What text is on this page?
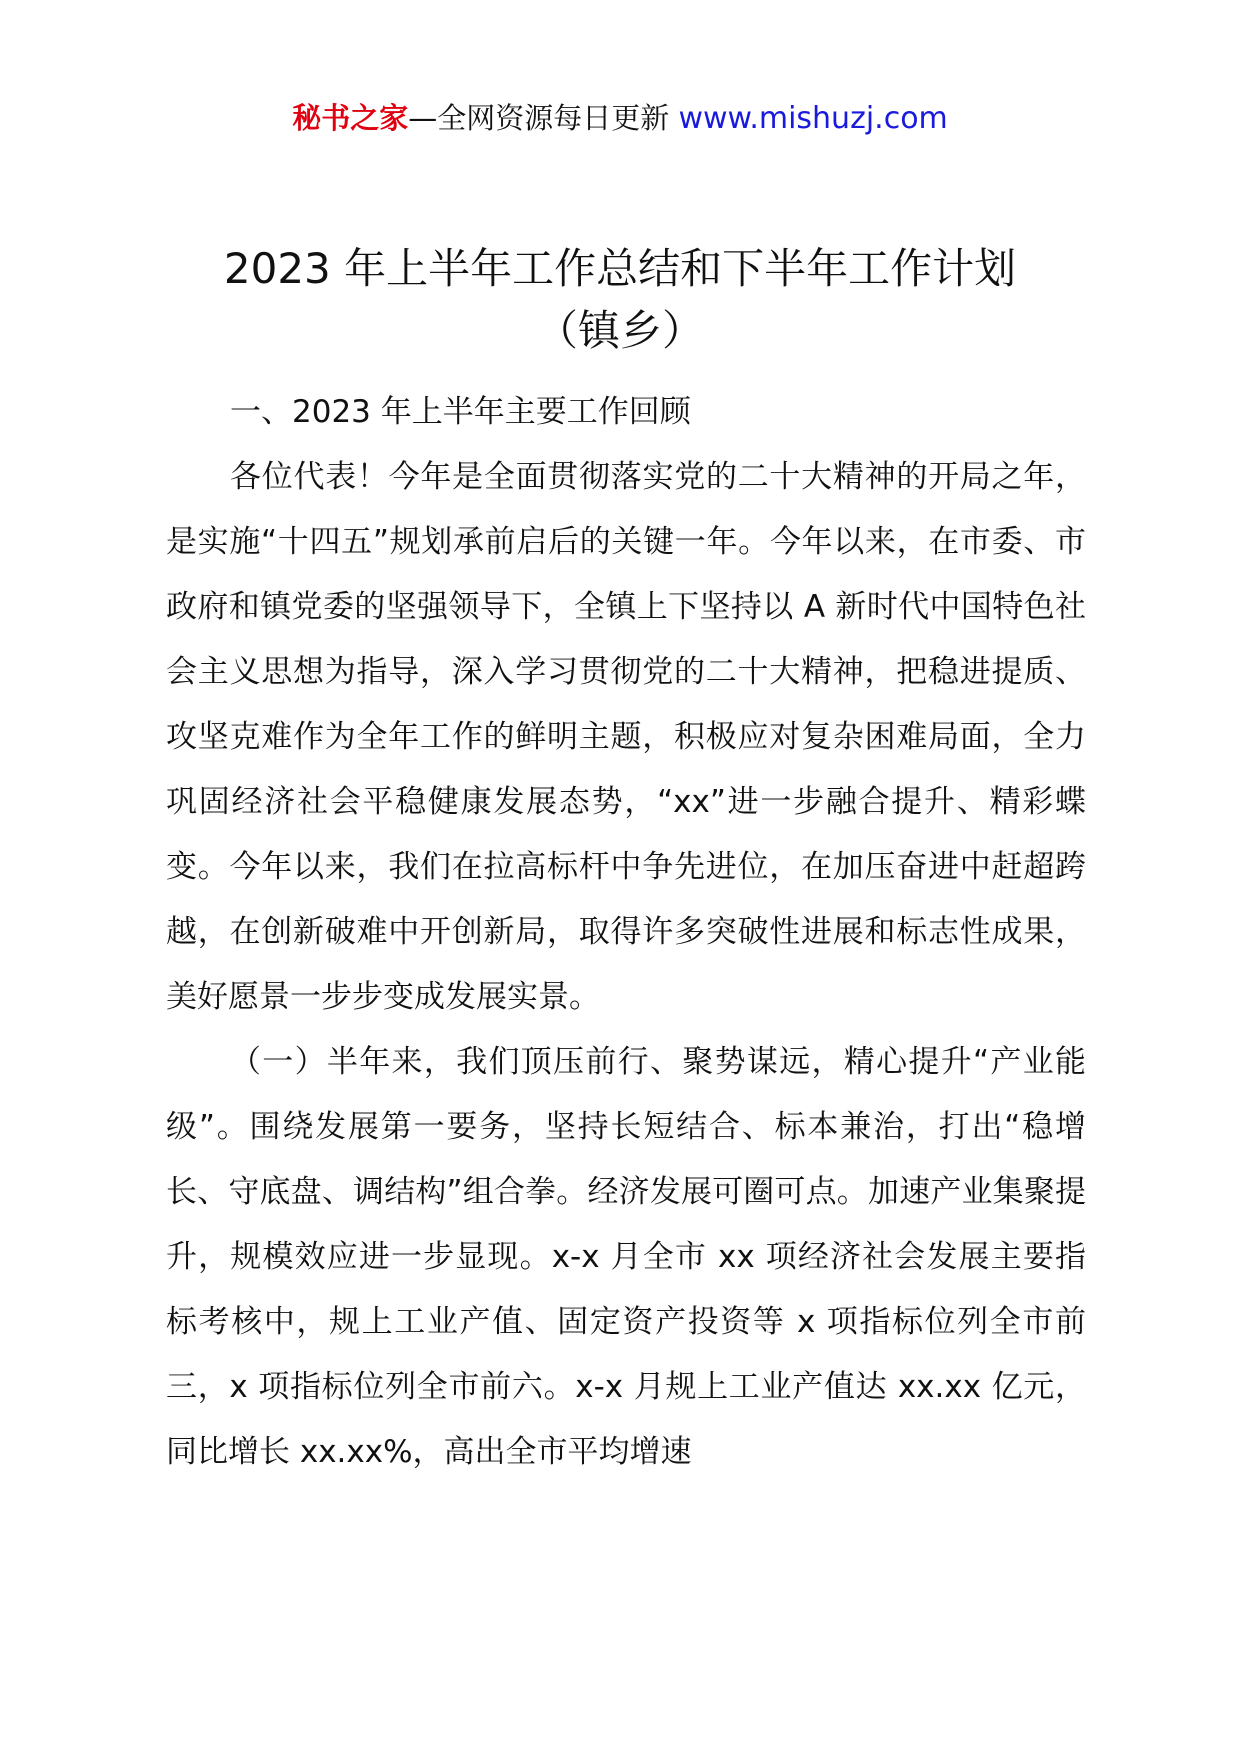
秘书之家—全网资源每日更新 www.mishuzj.com
2023 年上半年工作总结和下半年工作计划
（镇乡）

一、2023 年上半年主要工作回顾

各位代表！今年是全面贯彻落实党的二十大精神的开局之年，是实施“十四五”规划承前启后的关键一年。今年以来，在市委、市政府和镇党委的坚强领导下，全镇上下坚持以 A 新时代中国特色社会主义思想为指导，深入学习贯彻党的二十大精神，把稳进提质、攻坚克难作为全年工作的鲜明主题，积极应对复杂困难局面，全力巩固经济社会平稳健康发展态势，“xx”进一步融合提升、精彩蝶变。今年以来，我们在拉高标杆中争先进位，在加压奋进中赶超跨越，在创新破难中开创新局，取得许多突破性进展和标志性成果，美好愿景一步步变成发展实景。

（一）半年来，我们顶压前行、聚势谋远，精心提升“产业能级”。围绕发展第一要务，坚持长短结合、标本兼治，打出“稳增长、守底盘、调结构”组合拳。经济发展可圈可点。加速产业集聚提升，规模效应进一步显现。x-x 月全市 xx 项经济社会发展主要指标考核中，规上工业产值、固定资产投资等 x 项指标位列全市前三，x 项指标位列全市前六。x-x 月规上工业产值达 xx.xx 亿元，同比增长 xx.xx%，高出全市平均增速
